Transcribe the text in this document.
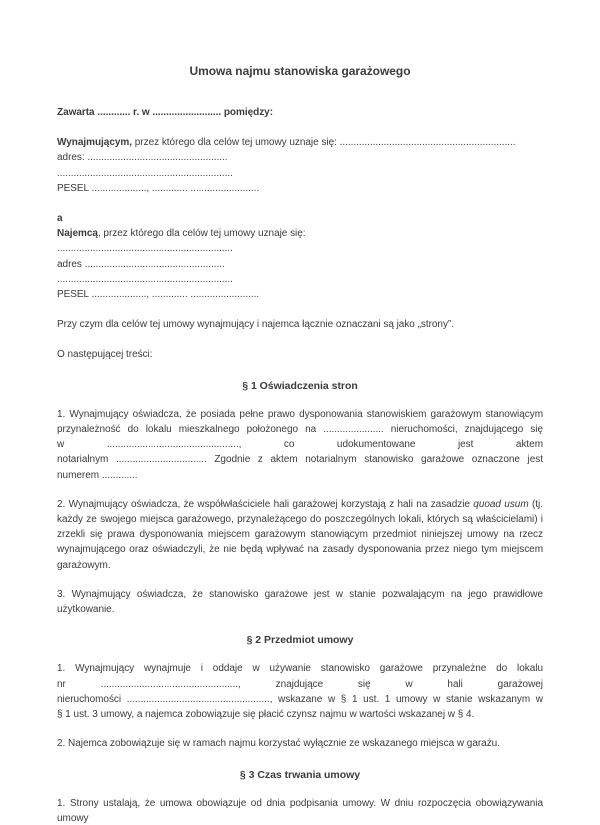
Umowa najmu stanowiska garażowego
Zawarta ............ r. w ......................... pomiędzy:
Wynajmującym, przez którego dla celów tej umowy uznaje się: ................................................................
adres: ...................................................
................................................................
PESEL ...................., ............. .........................
a
Najemcą, przez którego dla celów tej umowy uznaje się:
................................................................
adres ...................................................
................................................................
PESEL ...................., ............. .........................
Przy czym dla celów tej umowy wynajmujący i najemca łącznie oznaczani są jako „strony”.
O następującej treści:
§ 1 Oświadczenia stron
1. Wynajmujący oświadcza, że posiada pełne prawo dysponowania stanowiskiem garażowym stanowiącym
przynależność do lokalu mieszkalnego położonego na ...................... nieruchomości, znajdującego się
w ................................................, co udokumentowane jest aktem
notarialnym ................................. Zgodnie z aktem notarialnym stanowisko garażowe oznaczone jest
numerem .............
2. Wynajmujący oświadcza, że współwłaściciele hali garażowej korzystają z hali na zasadzie quoad usum (tj.
każdy ze swojego miejsca garażowego, przynależącego do poszczególnych lokali, których są właścicielami) i
zrzekli się prawa dysponowania miejscem garażowym stanowiącym przedmiot niniejszej umowy na rzecz
wynajmującego oraz oświadczyli, że nie będą wpływać na zasady dysponowania przez niego tym miejscem
garażowym.
3. Wynajmujący oświadcza, że stanowisko garażowe jest w stanie pozwalającym na jego prawidłowe
użytkowanie.
§ 2 Przedmiot umowy
1. Wynajmujący wynajmuje i oddaje w używanie stanowisko garażowe przynależne do lokalu
nr .................................................., znajdujące się w hali garażowej
nieruchomości ...................................................., wskazane w § 1 ust. 1 umowy w stanie wskazanym w
§ 1 ust. 3 umowy, a najemca zobowiązuje się płacić czynsz najmu w wartości wskazanej w § 4.
2. Najemca zobowiązuje się w ramach najmu korzystać wyłącznie ze wskazanego miejsca w garażu.
§ 3 Czas trwania umowy
1. Strony ustalają, że umowa obowiązuje od dnia podpisania umowy. W dniu rozpoczęcia obowiązywania umowy
